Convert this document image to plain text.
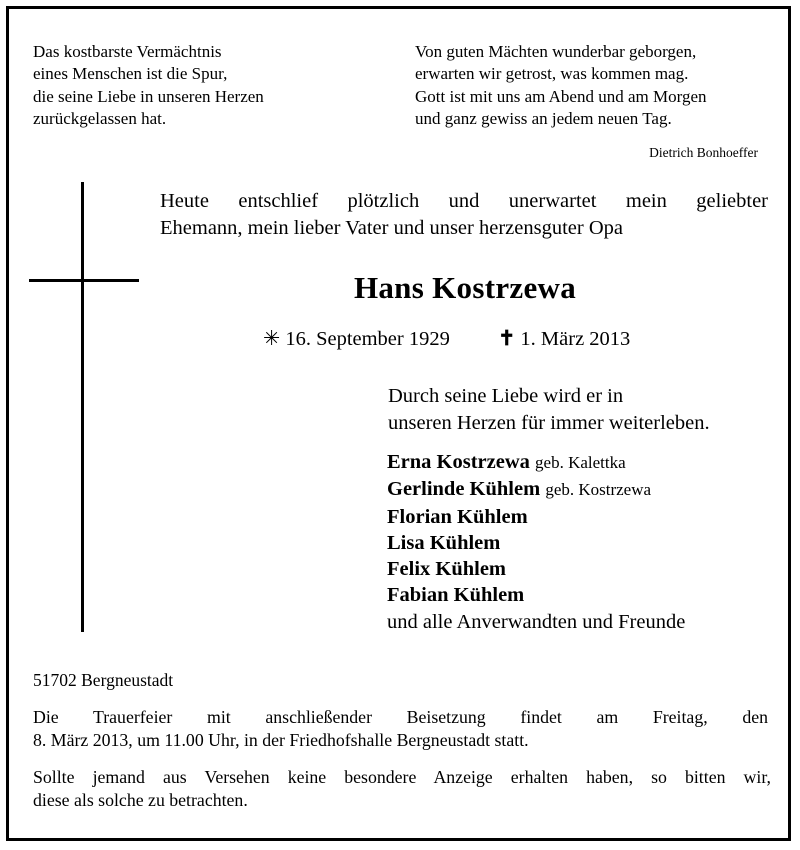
Das kostbarste Vermächtnis
eines Menschen ist die Spur,
die seine Liebe in unseren Herzen
zurückgelassen hat.
Von guten Mächten wunderbar geborgen,
erwarten wir getrost, was kommen mag.
Gott ist mit uns am Abend und am Morgen
und ganz gewiss an jedem neuen Tag.
Dietrich Bonhoeffer
Heute entschlief plötzlich und unerwartet mein geliebter
Ehemann, mein lieber Vater und unser herzensguter Opa
Hans Kostrzewa
✳ 16. September 1929 ✝ 1. März 2013
Durch seine Liebe wird er in
unseren Herzen für immer weiterleben.
Erna Kostrzewa geb. Kalettka
Gerlinde Kühlem geb. Kostrzewa
Florian Kühlem
Lisa Kühlem
Felix Kühlem
Fabian Kühlem
und alle Anverwandten und Freunde
51702 Bergneustadt
Die Trauerfeier mit anschließender Beisetzung findet am Freitag, den
8. März 2013, um 11.00 Uhr, in der Friedhofshalle Bergneustadt statt.
Sollte jemand aus Versehen keine besondere Anzeige erhalten haben, so bitten wir,
diese als solche zu betrachten.
